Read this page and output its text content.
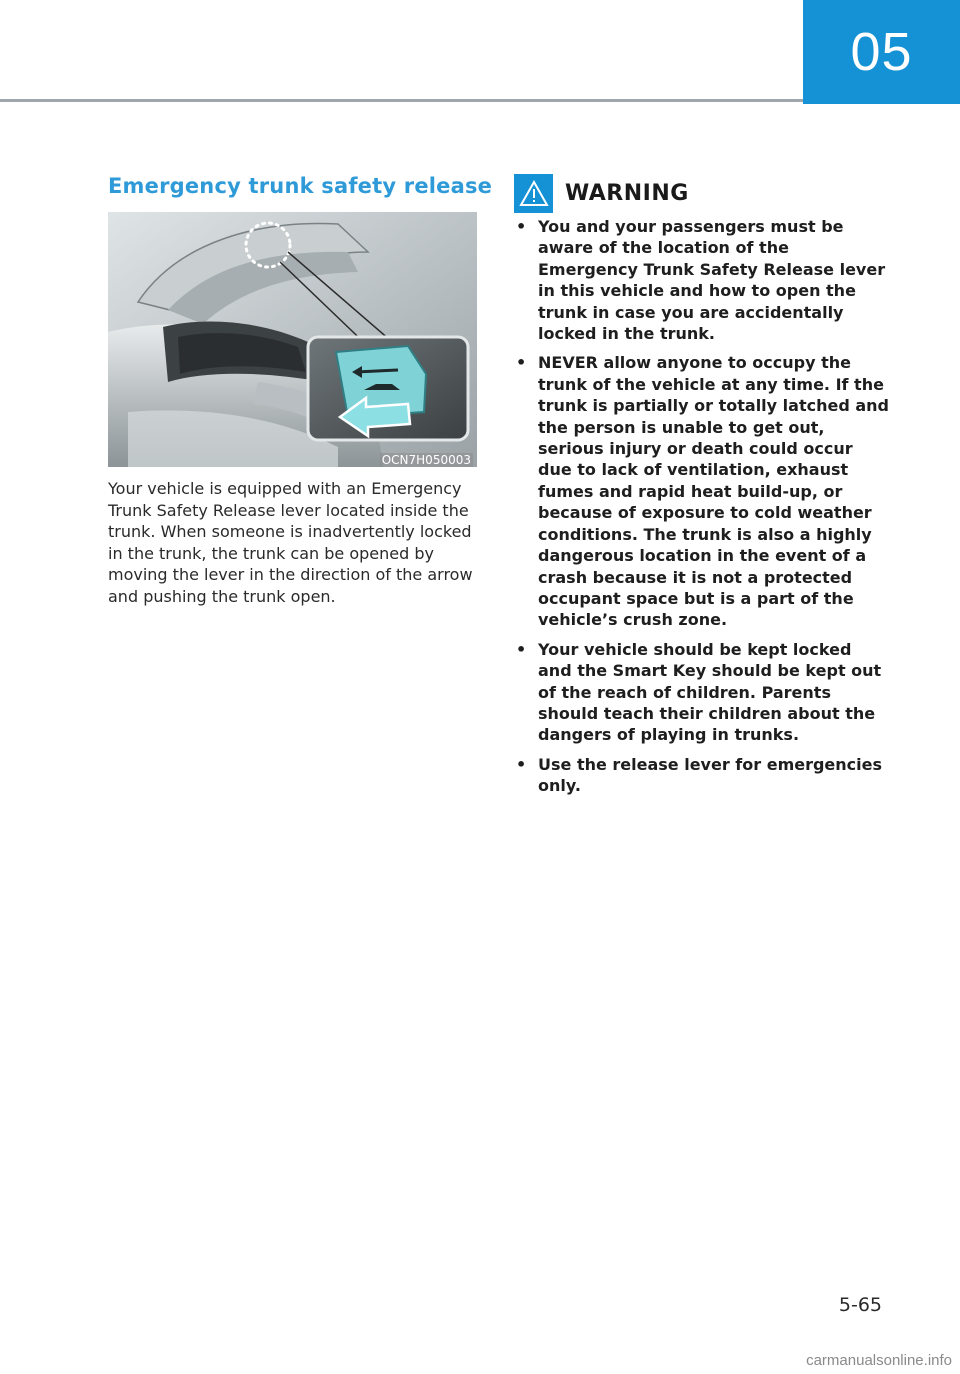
05
Emergency trunk safety release
OCN7H050003

Your vehicle is equipped with an Emergency Trunk Safety Release lever located inside the trunk. When someone is inadvertently locked in the trunk, the trunk can be opened by moving the lever in the direction of the arrow and pushing the trunk open.

WARNING
• You and your passengers must be aware of the location of the Emergency Trunk Safety Release lever in this vehicle and how to open the trunk in case you are accidentally locked in the trunk.
• NEVER allow anyone to occupy the trunk of the vehicle at any time. If the trunk is partially or totally latched and the person is unable to get out, serious injury or death could occur due to lack of ventilation, exhaust fumes and rapid heat build-up, or because of exposure to cold weather conditions. The trunk is also a highly dangerous location in the event of a crash because it is not a protected occupant space but is a part of the vehicle’s crush zone.
• Your vehicle should be kept locked and the Smart Key should be kept out of the reach of children. Parents should teach their children about the dangers of playing in trunks.
• Use the release lever for emergencies only.
5-65
carmanualsonline.info
